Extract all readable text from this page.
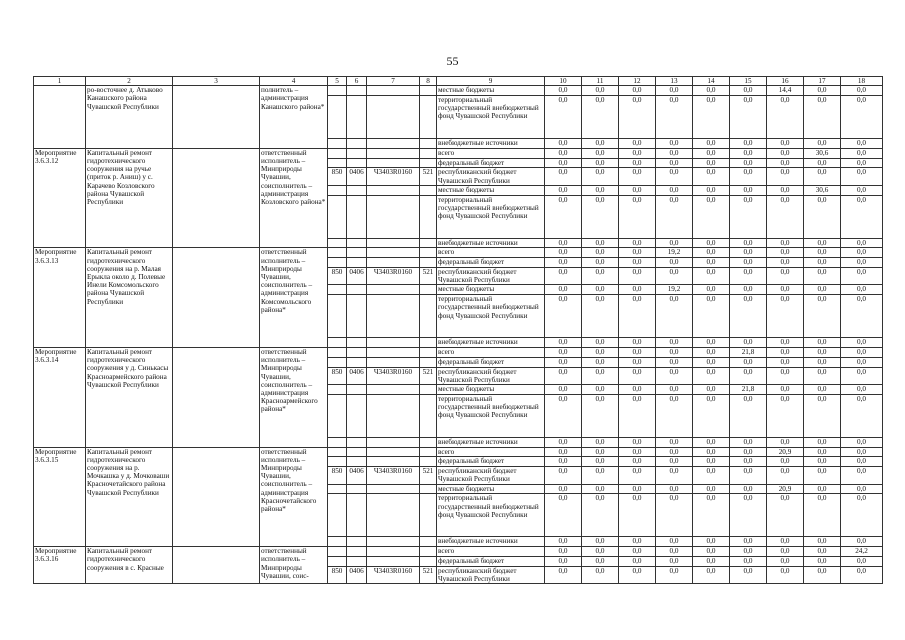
55
1	2	3	4	5	6	7	8	9	10	11	12	13	14	15	16	17	18
	ро-восточнее д. Атыково Канашского района Чувашской Республики		полнитель – администрация Канашского района*					местные бюджеты	0,0	0,0	0,0	0,0	0,0	0,0	14,4	0,0	0,0
								территориальный государственный внебюджетный фонд Чувашской Республики	0,0	0,0	0,0	0,0	0,0	0,0	0,0	0,0	0,0
								внебюджетные источники	0,0	0,0	0,0	0,0	0,0	0,0	0,0	0,0	0,0
Мероприятие 3.6.3.12	Капитальный ремонт гидротехнического сооружения на ручье (приток р. Аниш) у с. Карачево Козловского района Чувашской Республики		ответственный исполнитель – Минприроды Чувашии, соисполнитель – администрация Козловского района*					всего	0,0	0,0	0,0	0,0	0,0	0,0	0,0	30,6	0,0
								федеральный бюджет	0,0	0,0	0,0	0,0	0,0	0,0	0,0	0,0	0,0
				850	0406	Ч3403R0160	521	республиканский бюджет Чувашской Республики	0,0	0,0	0,0	0,0	0,0	0,0	0,0	0,0	0,0
								местные бюджеты	0,0	0,0	0,0	0,0	0,0	0,0	0,0	30,6	0,0
								территориальный государственный внебюджетный фонд Чувашской Республики	0,0	0,0	0,0	0,0	0,0	0,0	0,0	0,0	0,0
								внебюджетные источники	0,0	0,0	0,0	0,0	0,0	0,0	0,0	0,0	0,0
Мероприятие 3.6.3.13	Капитальный ремонт гидротехнического сооружения на р. Малая Ерыкла около д. Полевые Инели Комсомольского района Чувашской Республики		ответственный исполнитель – Минприроды Чувашии, соисполнитель – администрация Комсомольского района*					всего	0,0	0,0	0,0	19,2	0,0	0,0	0,0	0,0	0,0
								федеральный бюджет	0,0	0,0	0,0	0,0	0,0	0,0	0,0	0,0	0,0
				850	0406	Ч3403R0160	521	республиканский бюджет Чувашской Республики	0,0	0,0	0,0	0,0	0,0	0,0	0,0	0,0	0,0
								местные бюджеты	0,0	0,0	0,0	19,2	0,0	0,0	0,0	0,0	0,0
								территориальный государственный внебюджетный фонд Чувашской Республики	0,0	0,0	0,0	0,0	0,0	0,0	0,0	0,0	0,0
								внебюджетные источники	0,0	0,0	0,0	0,0	0,0	0,0	0,0	0,0	0,0
Мероприятие 3.6.3.14	Капитальный ремонт гидротехнического сооружения у д. Синькасы Красноармейского района Чувашской Республики		ответственный исполнитель – Минприроды Чувашии, соисполнитель – администрация Красноармейского района*					всего	0,0	0,0	0,0	0,0	0,0	21,8	0,0	0,0	0,0
								федеральный бюджет	0,0	0,0	0,0	0,0	0,0	0,0	0,0	0,0	0,0
				850	0406	Ч3403R0160	521	республиканский бюджет Чувашской Республики	0,0	0,0	0,0	0,0	0,0	0,0	0,0	0,0	0,0
								местные бюджеты	0,0	0,0	0,0	0,0	0,0	21,8	0,0	0,0	0,0
								территориальный государственный внебюджетный фонд Чувашской Республики	0,0	0,0	0,0	0,0	0,0	0,0	0,0	0,0	0,0
								внебюджетные источники	0,0	0,0	0,0	0,0	0,0	0,0	0,0	0,0	0,0
Мероприятие 3.6.3.15	Капитальный ремонт гидротехнического сооружения на р. Мочкашка у д. Мочковаши Красночетайского района Чувашской Республики		ответственный исполнитель – Минприроды Чувашии, соисполнитель – администрация Красночетайского района*					всего	0,0	0,0	0,0	0,0	0,0	0,0	20,9	0,0	0,0
								федеральный бюджет	0,0	0,0	0,0	0,0	0,0	0,0	0,0	0,0	0,0
				850	0406	Ч3403R0160	521	республиканский бюджет Чувашской Республики	0,0	0,0	0,0	0,0	0,0	0,0	0,0	0,0	0,0
								местные бюджеты	0,0	0,0	0,0	0,0	0,0	0,0	20,9	0,0	0,0
								территориальный государственный внебюджетный фонд Чувашской Республики	0,0	0,0	0,0	0,0	0,0	0,0	0,0	0,0	0,0
								внебюджетные источники	0,0	0,0	0,0	0,0	0,0	0,0	0,0	0,0	0,0
Мероприятие 3.6.3.16	Капитальный ремонт гидротехнического сооружения в с. Красные		ответственный исполнитель – Минприроды Чувашии, соис-					всего	0,0	0,0	0,0	0,0	0,0	0,0	0,0	0,0	24,2
								федеральный бюджет	0,0	0,0	0,0	0,0	0,0	0,0	0,0	0,0	0,0
				850	0406	Ч3403R0160	521	республиканский бюджет Чувашской Республики	0,0	0,0	0,0	0,0	0,0	0,0	0,0	0,0	0,0
